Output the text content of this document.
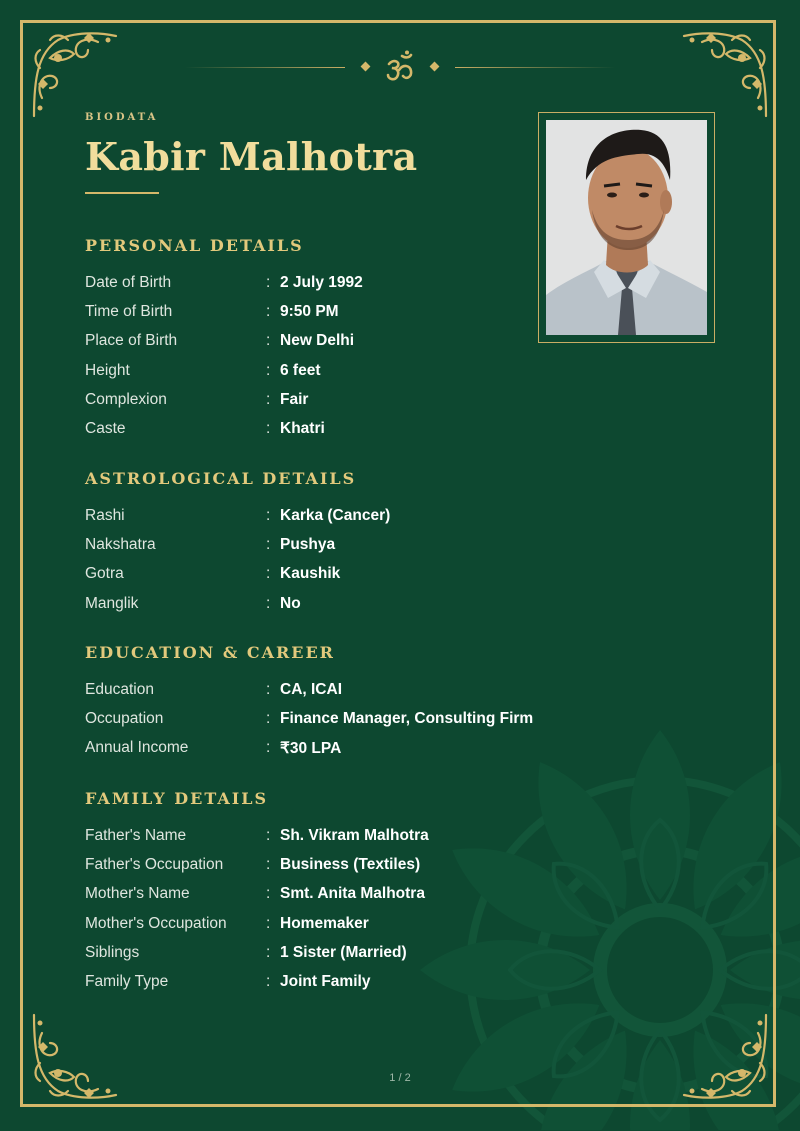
BIODATA
Kabir Malhotra
PERSONAL DETAILS
Date of Birth	: 2 July 1992
Time of Birth	: 9:50 PM
Place of Birth	: New Delhi
Height	: 6 feet
Complexion	: Fair
Caste	: Khatri
ASTROLOGICAL DETAILS
Rashi	: Karka (Cancer)
Nakshatra	: Pushya
Gotra	: Kaushik
Manglik	: No
EDUCATION & CAREER
Education	: CA, ICAI
Occupation	: Finance Manager, Consulting Firm
Annual Income	: ₹30 LPA
FAMILY DETAILS
Father's Name	: Sh. Vikram Malhotra
Father's Occupation	: Business (Textiles)
Mother's Name	: Smt. Anita Malhotra
Mother's Occupation	: Homemaker
Siblings	: 1 Sister (Married)
Family Type	: Joint Family
1 / 2
